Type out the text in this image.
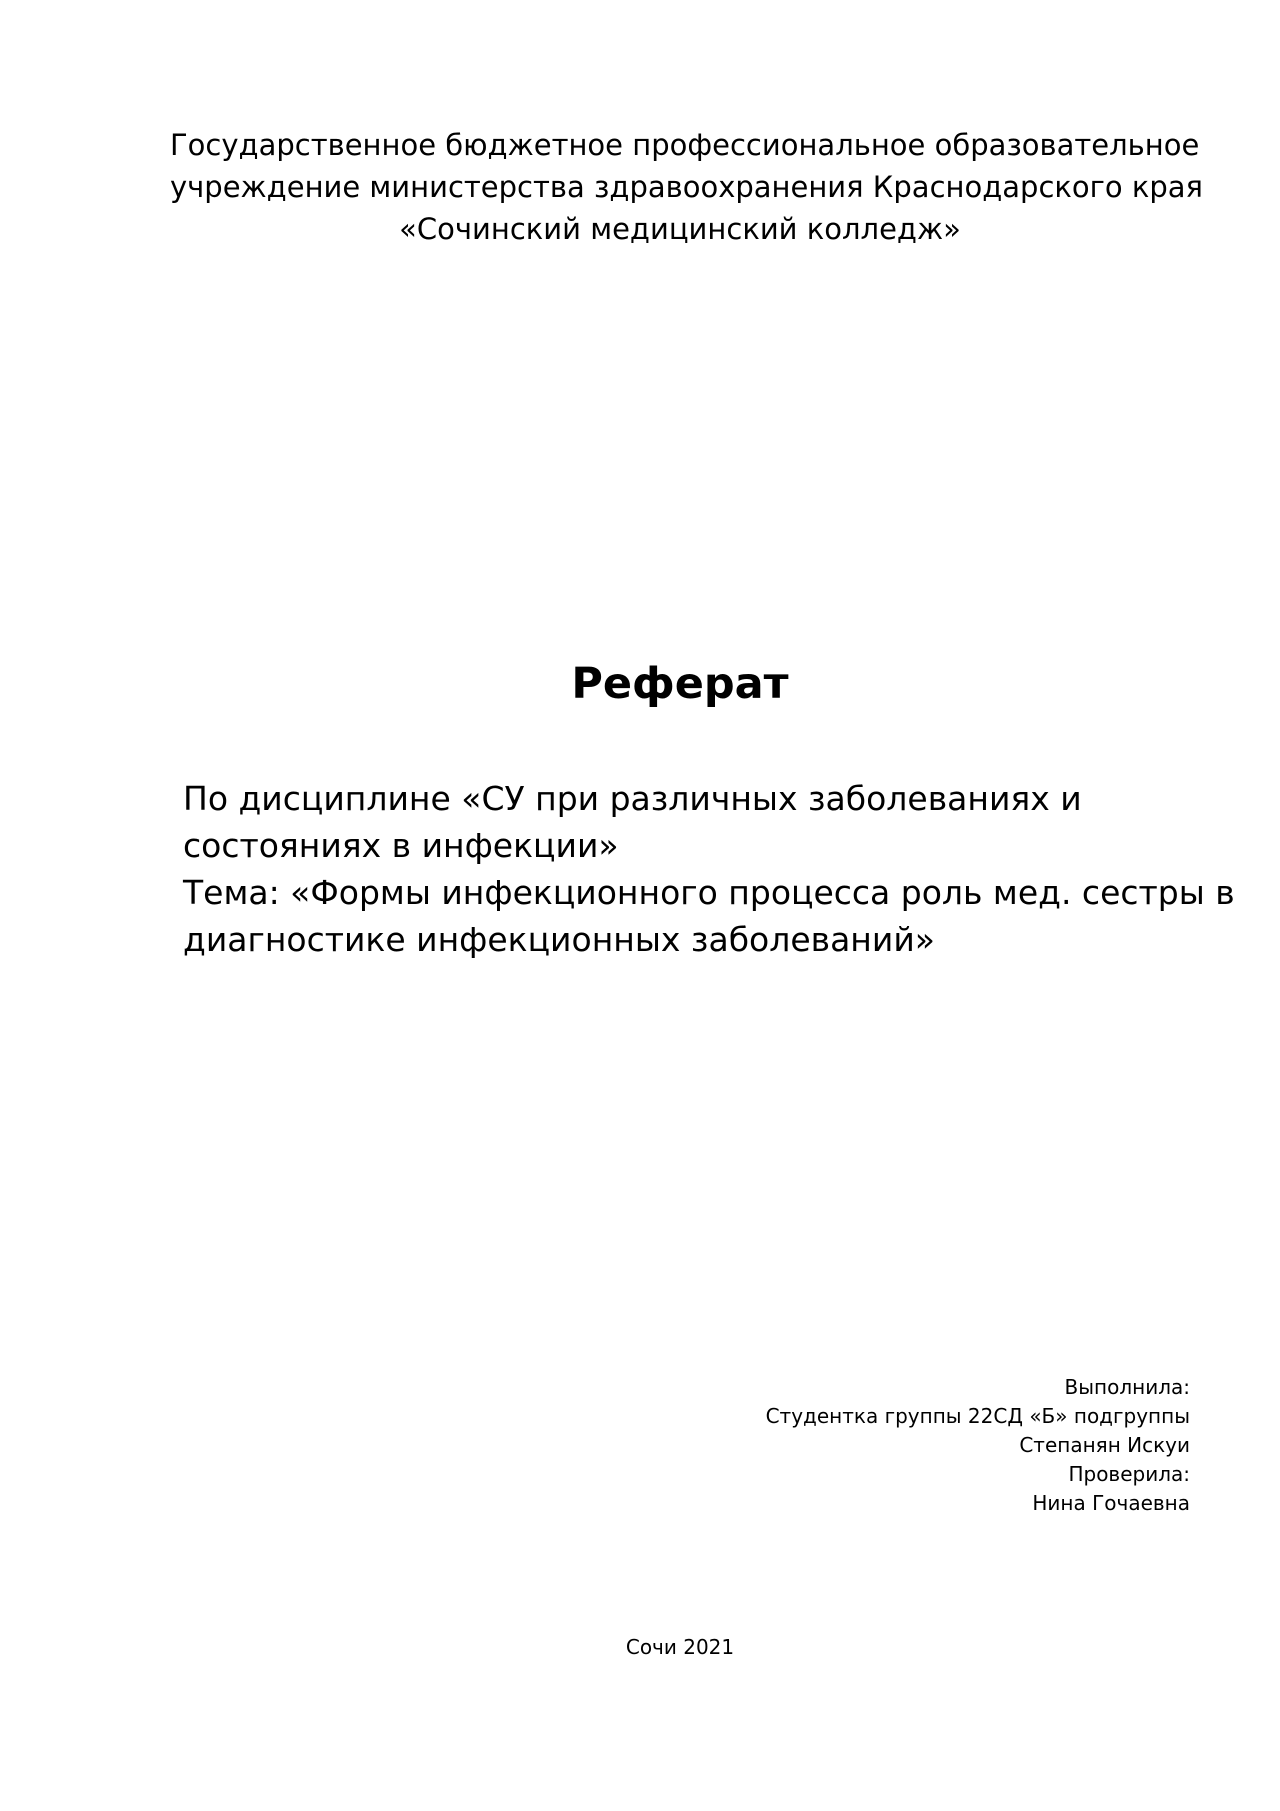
Государственное бюджетное профессиональное образовательное
учреждение министерства здравоохранения Краснодарского края
«Сочинский медицинский колледж»
Реферат
По дисциплине «СУ при различных заболеваниях и
состояниях в инфекции»
Тема: «Формы инфекционного процесса роль мед. сестры в
диагностике инфекционных заболеваний»
Выполнила:
Студентка группы 22СД «Б» подгруппы
Степанян Искуи
Проверила:
Нина Гочаевна
Сочи 2021
